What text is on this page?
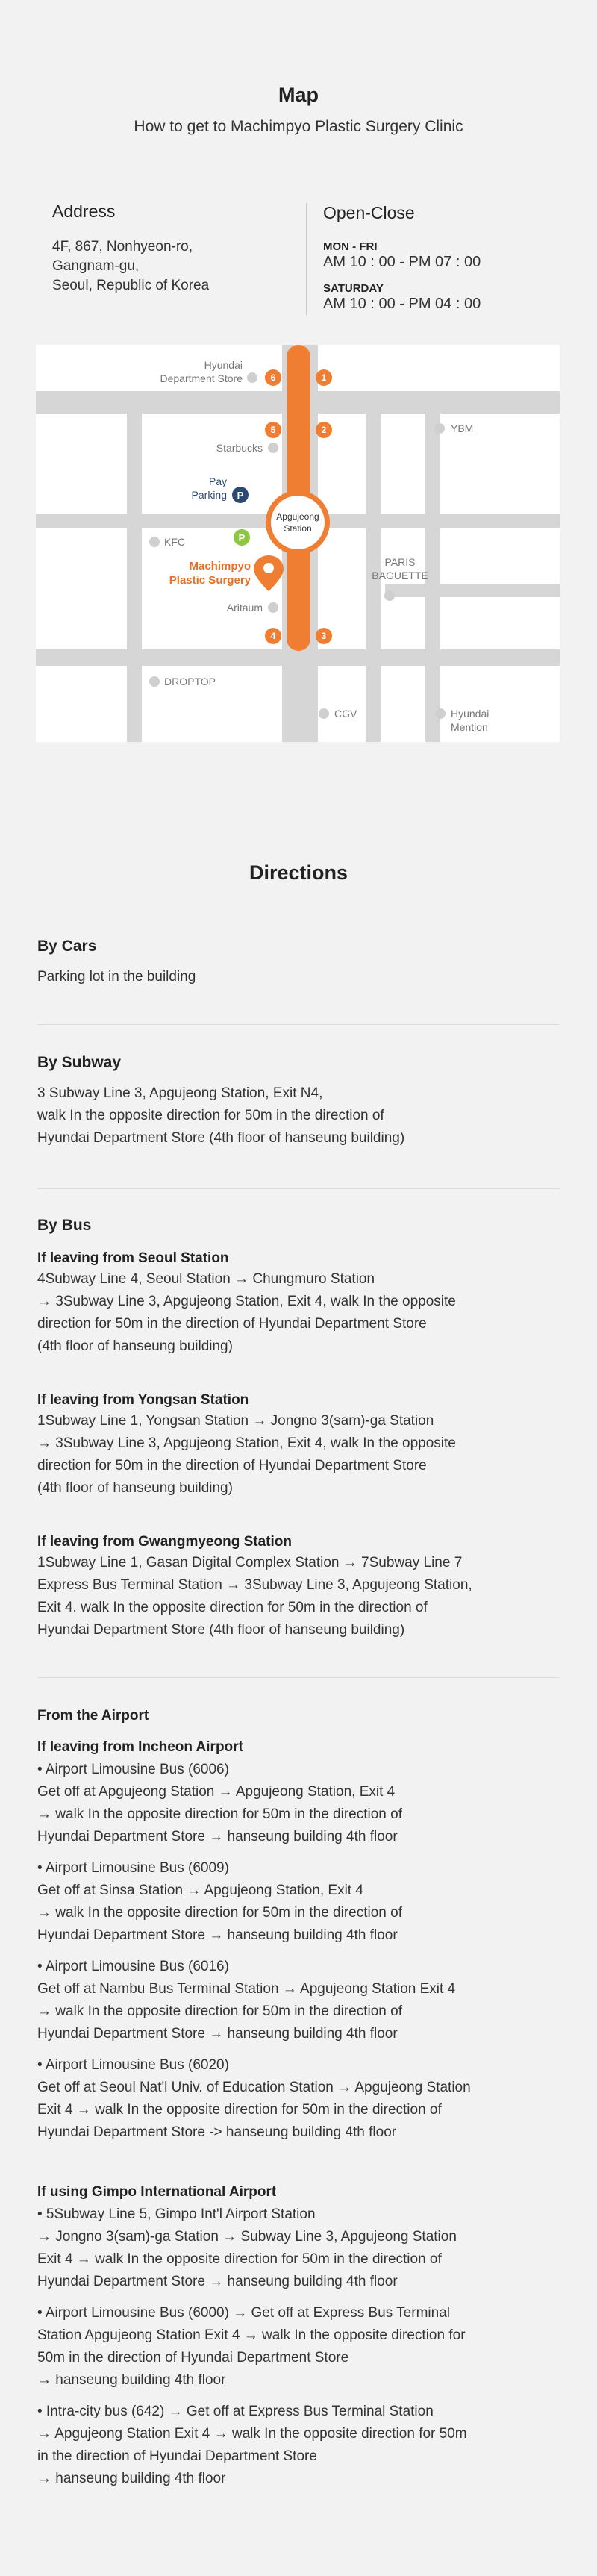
Map
How to get to Machimpyo Plastic Surgery Clinic
Address
4F, 867, Nonhyeon-ro,
Gangnam-gu,
Seoul, Republic of Korea
Open-Close
MON - FRI
AM 10 : 00 - PM 07 : 00
SATURDAY
AM 10 : 00 - PM 04 : 00
Apgujeong
Station
6	1
5	2
4	3
Hyundai
Department Store
Starbucks
YBM
KFC
Aritaum
PARIS
BAGUETTE
DROPTOP
CGV	Hyundai
Mention
Pay
Parking P
P
Machimpyo
Plastic Surgery
Directions
By Cars
Parking lot in the building
By Subway
3 Subway Line 3, Apgujeong Station, Exit N4,
walk In the opposite direction for 50m in the direction of
Hyundai Department Store (4th floor of hanseung building)
By Bus
If leaving from Seoul Station
4Subway Line 4, Seoul Station → Chungmuro Station
→ 3Subway Line 3, Apgujeong Station, Exit 4, walk In the opposite
direction for 50m in the direction of Hyundai Department Store
(4th floor of hanseung building)
If leaving from Yongsan Station
1Subway Line 1, Yongsan Station → Jongno 3(sam)-ga Station
→ 3Subway Line 3, Apgujeong Station, Exit 4, walk In the opposite
direction for 50m in the direction of Hyundai Department Store
(4th floor of hanseung building)
If leaving from Gwangmyeong Station
1Subway Line 1, Gasan Digital Complex Station → 7Subway Line 7
Express Bus Terminal Station → 3Subway Line 3, Apgujeong Station,
Exit 4. walk In the opposite direction for 50m in the direction of
Hyundai Department Store (4th floor of hanseung building)
From the Airport
If leaving from Incheon Airport
• Airport Limousine Bus (6006)
Get off at Apgujeong Station → Apgujeong Station, Exit 4
→ walk In the opposite direction for 50m in the direction of
Hyundai Department Store → hanseung building 4th floor
• Airport Limousine Bus (6009)
Get off at Sinsa Station → Apgujeong Station, Exit 4
→ walk In the opposite direction for 50m in the direction of
Hyundai Department Store → hanseung building 4th floor
• Airport Limousine Bus (6016)
Get off at Nambu Bus Terminal Station → Apgujeong Station Exit 4
→ walk In the opposite direction for 50m in the direction of
Hyundai Department Store → hanseung building 4th floor
• Airport Limousine Bus (6020)
Get off at Seoul Nat'l Univ. of Education Station → Apgujeong Station
Exit 4 → walk In the opposite direction for 50m in the direction of
Hyundai Department Store -> hanseung building 4th floor
If using Gimpo International Airport
• 5Subway Line 5, Gimpo Int'l Airport Station
→ Jongno 3(sam)-ga Station → Subway Line 3, Apgujeong Station
Exit 4 → walk In the opposite direction for 50m in the direction of
Hyundai Department Store → hanseung building 4th floor
• Airport Limousine Bus (6000) → Get off at Express Bus Terminal
Station Apgujeong Station Exit 4 → walk In the opposite direction for
50m in the direction of Hyundai Department Store
→ hanseung building 4th floor
• Intra-city bus (642) → Get off at Express Bus Terminal Station
→ Apgujeong Station Exit 4 → walk In the opposite direction for 50m
in the direction of Hyundai Department Store
→ hanseung building 4th floor
